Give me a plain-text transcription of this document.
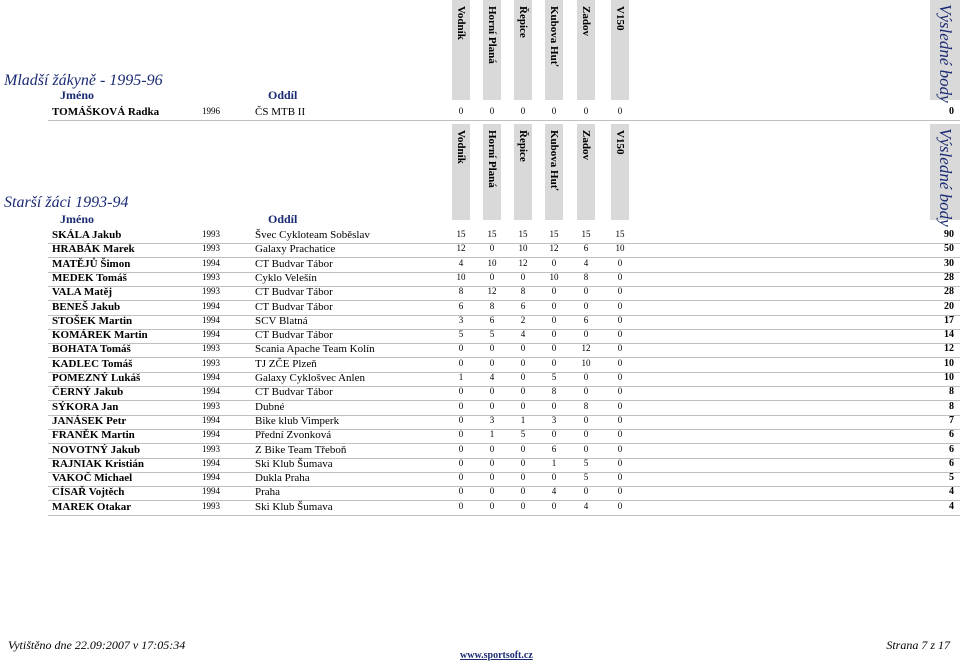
Vodník Horní Planá Řepice Kubova Huť Zadov V150	Výsledné body
Mladší žákyně - 1995-96
Jméno	Oddíl
TOMÁŠKOVÁ Radka	1996	ČS MTB II	0	0	0	0	0	0	0
Vodník Horní Planá Řepice Kubova Huť Zadov V150	Výsledné body
Starší žáci 1993-94
Jméno	Oddíl
SKÁLA Jakub	1993	Švec Cykloteam Soběslav	15	15	15	15	15	15	90
HRABÁK Marek	1993	Galaxy Prachatice	12	0	10	12	6	10	50
MATĚJŮ Šimon	1994	CT Budvar Tábor	4	10	12	0	4	0	30
MEDEK Tomáš	1993	Cyklo Velešín	10	0	0	10	8	0	28
VALA Matěj	1993	CT Budvar Tábor	8	12	8	0	0	0	28
BENEŠ Jakub	1994	CT Budvar Tábor	6	8	6	0	0	0	20
STOŠEK Martin	1994	SCV Blatná	3	6	2	0	6	0	17
KOMÁREK Martin	1994	CT Budvar Tábor	5	5	4	0	0	0	14
BOHATA Tomáš	1993	Scania Apache Team Kolín	0	0	0	0	12	0	12
KADLEC Tomáš	1993	TJ ZČE Plzeň	0	0	0	0	10	0	10
POMEZNÝ Lukáš	1994	Galaxy Cyklošvec Anlen	1	4	0	5	0	0	10
ČERNÝ Jakub	1994	CT Budvar Tábor	0	0	0	8	0	0	8
SÝKORA Jan	1993	Dubné	0	0	0	0	8	0	8
JANÁSEK Petr	1994	Bike klub Vimperk	0	3	1	3	0	0	7
FRANĚK Martin	1994	Přední Zvonková	0	1	5	0	0	0	6
NOVOTNÝ Jakub	1993	Z Bike Team Třeboň	0	0	0	6	0	0	6
RAJNIAK Kristián	1994	Ski Klub Šumava	0	0	0	1	5	0	6
VAKOČ Michael	1994	Dukla Praha	0	0	0	0	5	0	5
CÍSAŘ Vojtěch	1994	Praha	0	0	0	4	0	0	4
MAREK Otakar	1993	Ski Klub Šumava	0	0	0	0	4	0	4
Vytištěno dne 22.09:2007 v 17:05:34
www.sportsoft.cz
Strana 7 z 17
